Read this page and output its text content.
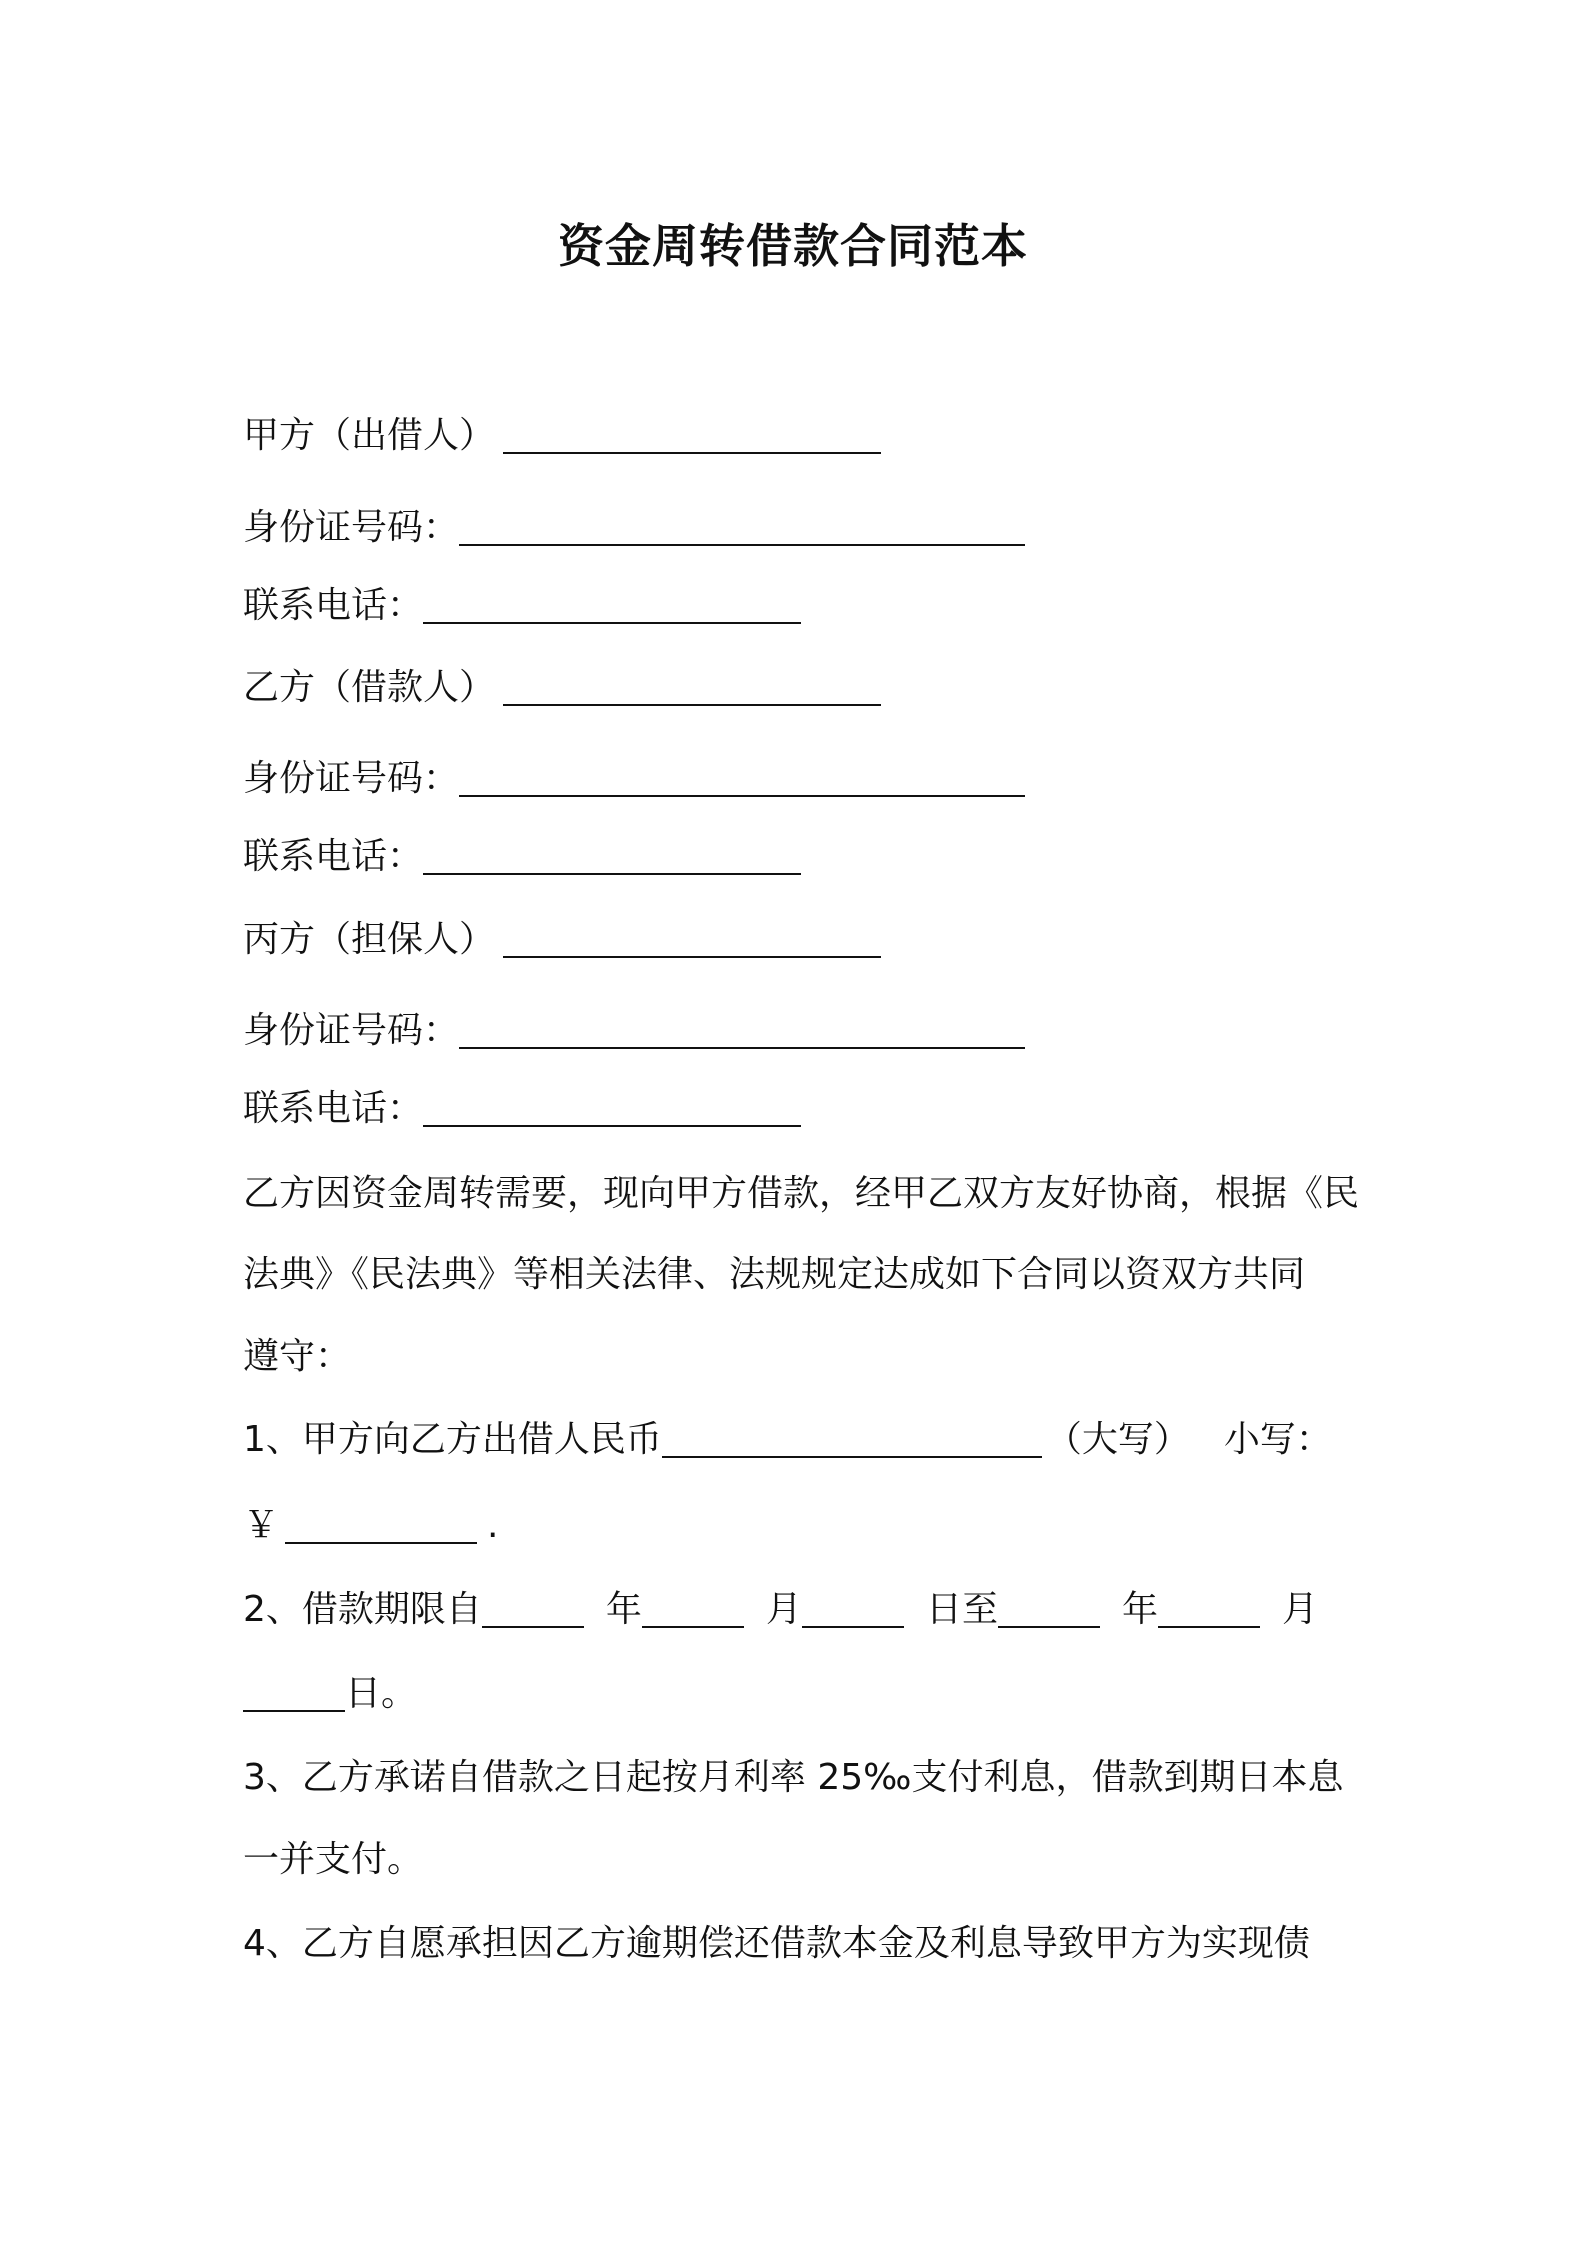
资金周转借款合同范本
甲方（出借人）
身份证号码：
联系电话：
乙方（借款人）
身份证号码：
联系电话：
丙方（担保人）
身份证号码：
联系电话：
乙方因资金周转需要，现向甲方借款，经甲乙双方友好协商，根据《民
法典》《民法典》等相关法律、法规规定达成如下合同以资双方共同
遵守：
1、甲方向乙方出借人民币	（大写） 小写：
￥	.
2、借款期限自	年	月	日至	年	月
日。
3、乙方承诺自借款之日起按月利率 25‰支付利息，借款到期日本息
一并支付。
4、乙方自愿承担因乙方逾期偿还借款本金及利息导致甲方为实现债
